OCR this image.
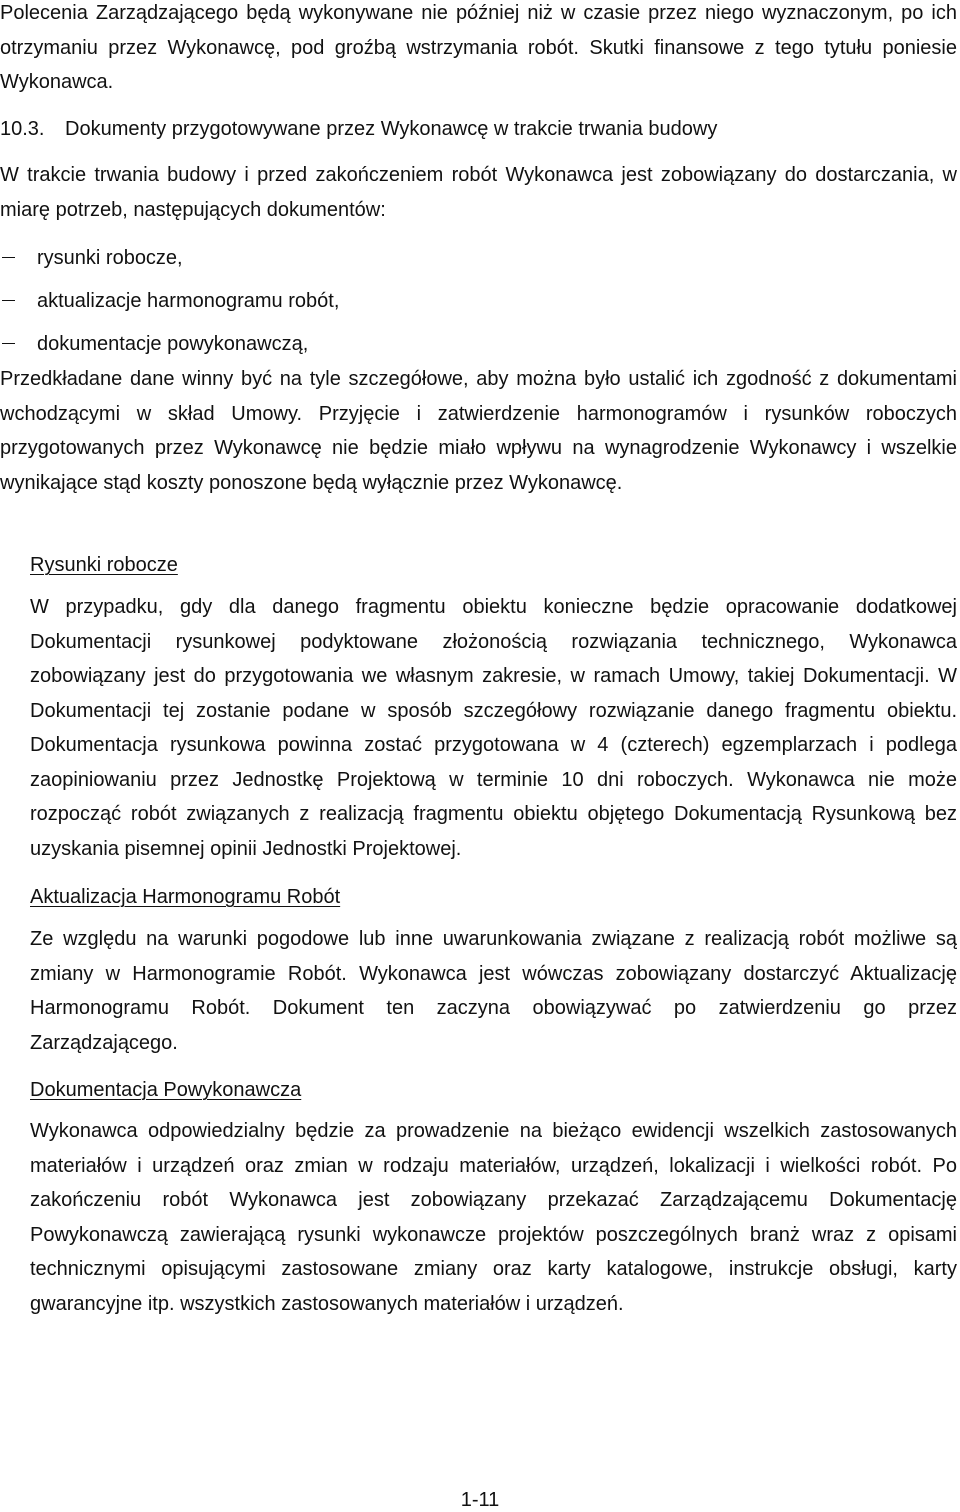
Polecenia Zarządzającego będą wykonywane nie później niż w czasie przez niego wyznaczonym, po ich otrzymaniu przez Wykonawcę, pod groźbą wstrzymania robót. Skutki finansowe z tego tytułu poniesie Wykonawca.

10.3. Dokumenty przygotowywane przez Wykonawcę w trakcie trwania budowy

W trakcie trwania budowy i przed zakończeniem robót Wykonawca jest zobowiązany do dostarczania, w miarę potrzeb, następujących dokumentów:

rysunki robocze,
aktualizacje harmonogramu robót,
dokumentacje powykonawczą,

Przedkładane dane winny być na tyle szczegółowe, aby można było ustalić ich zgodność z dokumentami wchodzącymi w skład Umowy. Przyjęcie i zatwierdzenie harmonogramów i rysunków roboczych przygotowanych przez Wykonawcę nie będzie miało wpływu na wynagrodzenie Wykonawcy i wszelkie wynikające stąd koszty ponoszone będą wyłącznie przez Wykonawcę.

Rysunki robocze

W przypadku, gdy dla danego fragmentu obiektu konieczne będzie opracowanie dodatkowej Dokumentacji rysunkowej podyktowane złożonością rozwiązania technicznego, Wykonawca zobowiązany jest do przygotowania we własnym zakresie, w ramach Umowy, takiej Dokumentacji. W Dokumentacji tej zostanie podane w sposób szczegółowy rozwiązanie danego fragmentu obiektu. Dokumentacja rysunkowa powinna zostać przygotowana w 4 (czterech) egzemplarzach i podlega zaopiniowaniu przez Jednostkę Projektową w terminie 10 dni roboczych. Wykonawca nie może rozpocząć robót związanych z realizacją fragmentu obiektu objętego Dokumentacją Rysunkową bez uzyskania pisemnej opinii Jednostki Projektowej.

Aktualizacja Harmonogramu Robót

Ze względu na warunki pogodowe lub inne uwarunkowania związane z realizacją robót możliwe są zmiany w Harmonogramie Robót. Wykonawca jest wówczas zobowiązany dostarczyć Aktualizację Harmonogramu Robót. Dokument ten zaczyna obowiązywać po zatwierdzeniu go przez Zarządzającego.

Dokumentacja Powykonawcza

Wykonawca odpowiedzialny będzie za prowadzenie na bieżąco ewidencji wszelkich zastosowanych materiałów i urządzeń oraz zmian w rodzaju materiałów, urządzeń, lokalizacji i wielkości robót. Po zakończeniu robót Wykonawca jest zobowiązany przekazać Zarządzającemu Dokumentację Powykonawczą zawierającą rysunki wykonawcze projektów poszczególnych branż wraz z opisami technicznymi opisującymi zastosowane zmiany oraz karty katalogowe, instrukcje obsługi, karty gwarancyjne itp. wszystkich zastosowanych materiałów i urządzeń.

1-11
